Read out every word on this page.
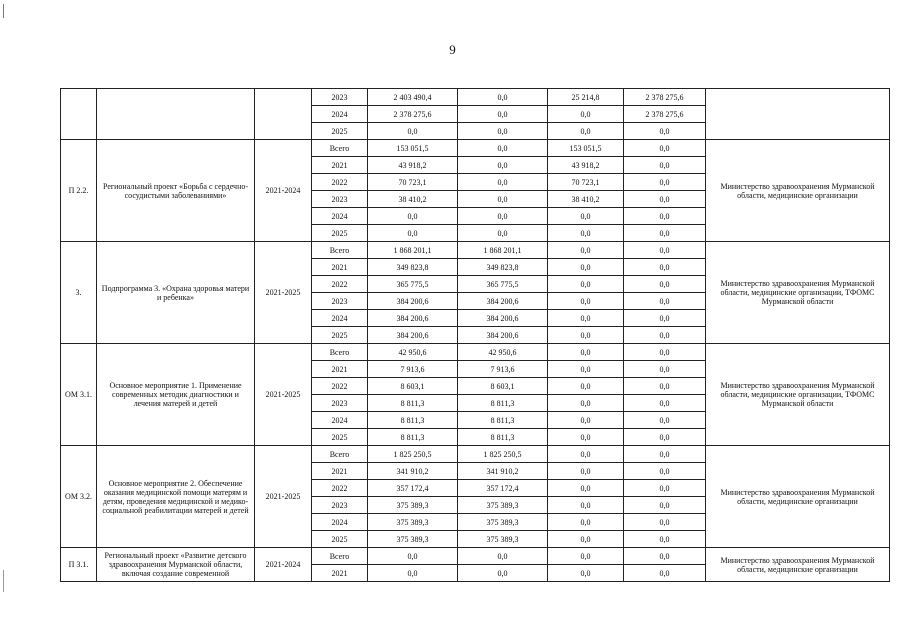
9
			2023	2 403 490,4	0,0	25 214,8	2 378 275,6	
			2024	2 378 275,6	0,0	0,0	2 378 275,6	
			2025	0,0	0,0	0,0	0,0	
П 2.2.	Региональный проект «Борьба с сердечно-сосудистыми заболеваниями»	2021-2024	Всего	153 051,5	0,0	153 051,5	0,0	Министерство здравоохранения Мурманской области, медицинские организации
			2021	43 918,2	0,0	43 918,2	0,0	
			2022	70 723,1	0,0	70 723,1	0,0	
			2023	38 410,2	0,0	38 410,2	0,0	
			2024	0,0	0,0	0,0	0,0	
			2025	0,0	0,0	0,0	0,0	
3.	Подпрограмма 3. «Охрана здоровья матери и ребенка»	2021-2025	Всего	1 868 201,1	1 868 201,1	0,0	0,0	Министерство здравоохранения Мурманской области, медицинские организации, ТФОМС Мурманской области
			2021	349 823,8	349 823,8	0,0	0,0	
			2022	365 775,5	365 775,5	0,0	0,0	
			2023	384 200,6	384 200,6	0,0	0,0	
			2024	384 200,6	384 200,6	0,0	0,0	
			2025	384 200,6	384 200,6	0,0	0,0	
ОМ 3.1.	Основное мероприятие 1. Применение современных методик диагностики и лечения матерей и детей	2021-2025	Всего	42 950,6	42 950,6	0,0	0,0	Министерство здравоохранения Мурманской области, медицинские организации, ТФОМС Мурманской области
			2021	7 913,6	7 913,6	0,0	0,0	
			2022	8 603,1	8 603,1	0,0	0,0	
			2023	8 811,3	8 811,3	0,0	0,0	
			2024	8 811,3	8 811,3	0,0	0,0	
			2025	8 811,3	8 811,3	0,0	0,0	
ОМ 3.2.	Основное мероприятие 2. Обеспечение оказания медицинской помощи матерям и детям, проведения медицинской и медико-социальной реабилитации матерей и детей	2021-2025	Всего	1 825 250,5	1 825 250,5	0,0	0,0	Министерство здравоохранения Мурманской области, медицинские организации
			2021	341 910,2	341 910,2	0,0	0,0	
			2022	357 172,4	357 172,4	0,0	0,0	
			2023	375 389,3	375 389,3	0,0	0,0	
			2024	375 389,3	375 389,3	0,0	0,0	
			2025	375 389,3	375 389,3	0,0	0,0	
П 3.1.	Региональный проект «Развитие детского здравоохранения Мурманской области, включая создание современной	2021-2024	Всего	0,0	0,0	0,0	0,0	Министерство здравоохранения Мурманской области, медицинские организации
			2021	0,0	0,0	0,0	0,0	
